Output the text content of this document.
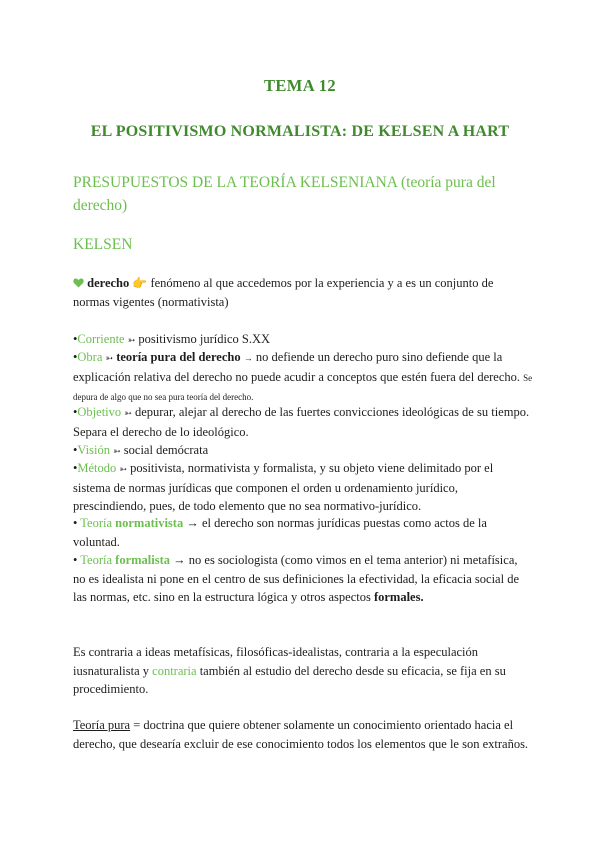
TEMA 12
EL POSITIVISMO NORMALISTA: DE KELSEN A HART
PRESUPUESTOS DE LA TEORÍA KELSENIANA (teoría pura del derecho)
KELSEN

derecho 👉 fenómeno al que accedemos por la experiencia y a es un conjunto de normas vigentes (normativista)

•Corriente ➳ positivismo jurídico S.XX

•Obra ➳ teoría pura del derecho → no defiende un derecho puro sino defiende que la explicación relativa del derecho no puede acudir a conceptos que estén fuera del derecho. Se depura de algo que no sea pura teoría del derecho.

•Objetivo ➳ depurar, alejar al derecho de las fuertes convicciones ideológicas de su tiempo. Separa el derecho de lo ideológico.

•Visión ➳ social demócrata

•Método ➳ positivista, normativista y formalista, y su objeto viene delimitado por el sistema de normas jurídicas que componen el orden u ordenamiento jurídico, prescindiendo, pues, de todo elemento que no sea normativo-jurídico.

• Teoría normativista → el derecho son normas jurídicas puestas como actos de la voluntad.

• Teoría formalista → no es sociologista (como vimos en el tema anterior) ni metafísica, no es idealista ni pone en el centro de sus definiciones la efectividad, la eficacia social de las normas, etc. sino en la estructura lógica y otros aspectos formales.

Es contraria a ideas metafísicas, filosóficas-idealistas, contraria a la especulación iusnaturalista y contraria también al estudio del derecho desde su eficacia, se fija en su procedimiento.

Teoría pura = doctrina que quiere obtener solamente un conocimiento orientado hacia el derecho, que desearía excluir de ese conocimiento todos los elementos que le son extraños.
